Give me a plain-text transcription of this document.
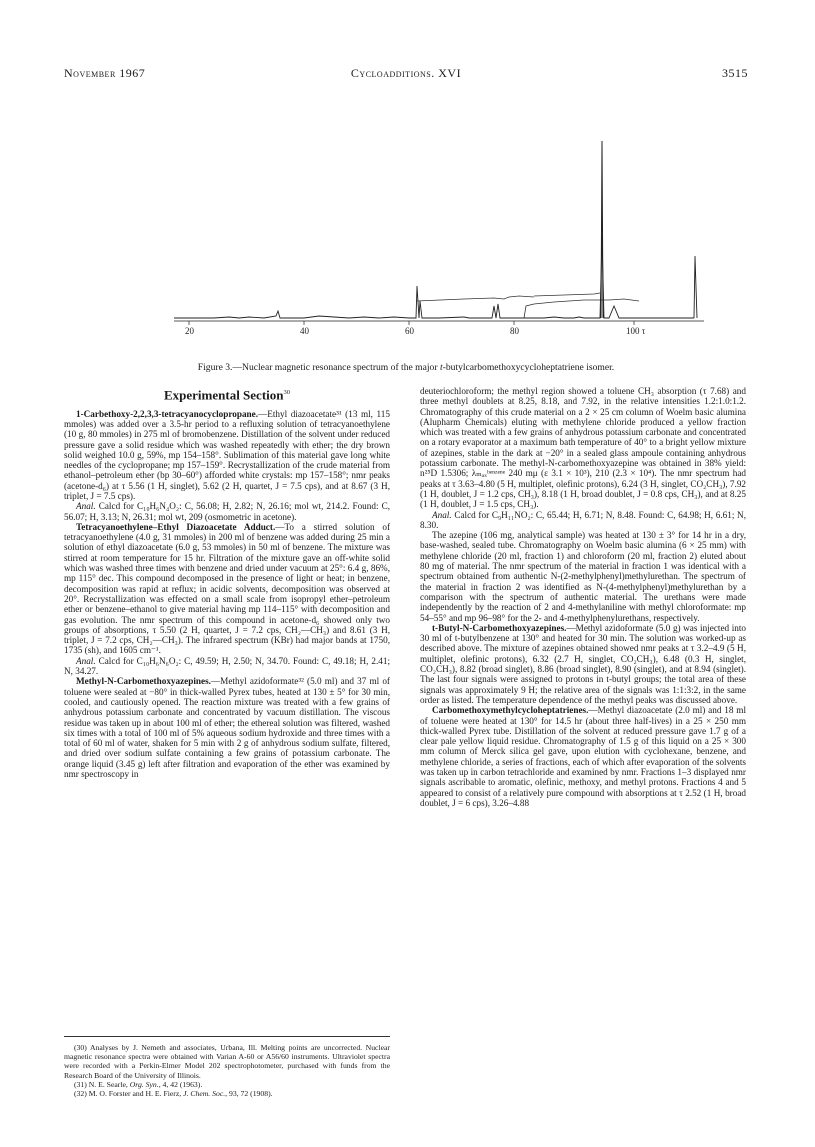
November 1967	Cycloadditions. XVI	3515
20	40	60	80	100 τ
Figure 3.—Nuclear magnetic resonance spectrum of the major t-butylcarbomethoxycycloheptatriene isomer.
Experimental Section$^{30}$

1-Carbethoxy-2,2,3,3-tetracyanocyclopropane.—Ethyl diazoacetate³¹ (13 ml, 115 mmoles) was added over a 3.5-hr period to a refluxing solution of tetracyanoethylene (10 g, 80 mmoles) in 275 ml of bromobenzene. Distillation of the solvent under reduced pressure gave a solid residue which was washed repeatedly with ether; the dry brown solid weighed 10.0 g, 59%, mp 154–158°. Sublimation of this material gave long white needles of the cyclopropane; mp 157–159°. Recrystallization of the crude material from ethanol–petroleum ether (bp 30–60°) afforded white crystals: mp 157–158°; nmr peaks (acetone-d₆) at τ 5.56 (1 H, singlet), 5.62 (2 H, quartet, J = 7.5 cps), and at 8.67 (3 H, triplet, J = 7.5 cps).

Anal. Calcd for C₁₀H₆N₄O₂: C, 56.08; H, 2.82; N, 26.16; mol wt, 214.2. Found: C, 56.07; H, 3.13; N, 26.31; mol wt, 209 (osmometric in acetone).

Tetracyanoethylene–Ethyl Diazoacetate Adduct.—To a stirred solution of tetracyanoethylene (4.0 g, 31 mmoles) in 200 ml of benzene was added during 25 min a solution of ethyl diazoacetate (6.0 g, 53 mmoles) in 50 ml of benzene. The mixture was stirred at room temperature for 15 hr. Filtration of the mixture gave an off-white solid which was washed three times with benzene and dried under vacuum at 25°: 6.4 g, 86%, mp 115° dec. This compound decomposed in the presence of light or heat; in benzene, decomposition was rapid at reflux; in acidic solvents, decomposition was observed at 20°. Recrystallization was effected on a small scale from isopropyl ether–petroleum ether or benzene–ethanol to give material having mp 114–115° with decomposition and gas evolution. The nmr spectrum of this compound in acetone-d₆ showed only two groups of absorptions, τ 5.50 (2 H, quartet, J = 7.2 cps, CH₂—CH₃) and 8.61 (3 H, triplet, J = 7.2 cps, CH₂—CH₃). The infrared spectrum (KBr) had major bands at 1750, 1735 (sh), and 1605 cm⁻¹.

Anal. Calcd for C₁₀H₆N₆O₂: C, 49.59; H, 2.50; N, 34.70. Found: C, 49.18; H, 2.41; N, 34.27.

Methyl-N-Carbomethoxyazepines.—Methyl azidoformate³² (5.0 ml) and 37 ml of toluene were sealed at −80° in thick-walled Pyrex tubes, heated at 130 ± 5° for 30 min, cooled, and cautiously opened. The reaction mixture was treated with a few grains of anhydrous potassium carbonate and concentrated by vacuum distillation. The viscous residue was taken up in about 100 ml of ether; the ethereal solution was filtered, washed six times with a total of 100 ml of 5% aqueous sodium hydroxide and three times with a total of 60 ml of water, shaken for 5 min with 2 g of anhydrous sodium sulfate, filtered, and dried over sodium sulfate containing a few grains of potassium carbonate. The orange liquid (3.45 g) left after filtration and evaporation of the ether was examined by nmr spectroscopy in

(30) Analyses by J. Nemeth and associates, Urbana, Ill. Melting points are uncorrected. Nuclear magnetic resonance spectra were obtained with Varian A-60 or A56/60 instruments. Ultraviolet spectra were recorded with a Perkin-Elmer Model 202 spectrophotometer, purchased with funds from the Research Board of the University of Illinois.

(31) N. E. Searle, Org. Syn., 4, 42 (1963).

(32) M. O. Forster and H. E. Fierz, J. Chem. Soc., 93, 72 (1908).

deuteriochloroform; the methyl region showed a toluene CH₃ absorption (τ 7.68) and three methyl doublets at 8.25, 8.18, and 7.92, in the relative intensities 1.2:1.0:1.2. Chromatography of this crude material on a 2 × 25 cm column of Woelm basic alumina (Alupharm Chemicals) eluting with methylene chloride produced a yellow fraction which was treated with a few grains of anhydrous potassium carbonate and concentrated on a rotary evaporator at a maximum bath temperature of 40° to a bright yellow mixture of azepines, stable in the dark at −20° in a sealed glass ampoule containing anhydrous potassium carbonate. The methyl-N-carbomethoxyazepine was obtained in 38% yield: n²⁵D 1.5306; λₘₐₓᵇᵉⁿᶻᵉⁿᵉ 240 mμ (ε 3.1 × 10³), 210 (2.3 × 10⁴). The nmr spectrum had peaks at τ 3.63–4.80 (5 H, multiplet, olefinic protons), 6.24 (3 H, singlet, CO₂CH₃), 7.92 (1 H, doublet, J = 1.2 cps, CH₃), 8.18 (1 H, broad doublet, J = 0.8 cps, CH₃), and at 8.25 (1 H, doublet, J = 1.5 cps, CH₃).

Anal. Calcd for C₉H₁₁NO₂: C, 65.44; H, 6.71; N, 8.48. Found: C, 64.98; H, 6.61; N, 8.30.

The azepine (106 mg, analytical sample) was heated at 130 ± 3° for 14 hr in a dry, base-washed, sealed tube. Chromatography on Woelm basic alumina (6 × 25 mm) with methylene chloride (20 ml, fraction 1) and chloroform (20 ml, fraction 2) eluted about 80 mg of material. The nmr spectrum of the material in fraction 1 was identical with a spectrum obtained from authentic N-(2-methylphenyl)methylurethan. The spectrum of the material in fraction 2 was identified as N-(4-methylphenyl)methylurethan by a comparison with the spectrum of authentic material. The urethans were made independently by the reaction of 2 and 4-methylaniline with methyl chloroformate: mp 54–55° and mp 96–98° for the 2- and 4-methylphenylurethans, respectively.

t-Butyl-N-Carbomethoxyazepines.—Methyl azidoformate (5.0 g) was injected into 30 ml of t-butylbenzene at 130° and heated for 30 min. The solution was worked-up as described above. The mixture of azepines obtained showed nmr peaks at τ 3.2–4.9 (5 H, multiplet, olefinic protons), 6.32 (2.7 H, singlet, CO₂CH₃), 6.48 (0.3 H, singlet, CO₂CH₃), 8.82 (broad singlet), 8.86 (broad singlet), 8.90 (singlet), and at 8.94 (singlet). The last four signals were assigned to protons in t-butyl groups; the total area of these signals was approximately 9 H; the relative area of the signals was 1:1:3:2, in the same order as listed. The temperature dependence of the methyl peaks was discussed above.

Carbomethoxymethylcycloheptatrienes.—Methyl diazoacetate (2.0 ml) and 18 ml of toluene were heated at 130° for 14.5 hr (about three half-lives) in a 25 × 250 mm thick-walled Pyrex tube. Distillation of the solvent at reduced pressure gave 1.7 g of a clear pale yellow liquid residue. Chromatography of 1.5 g of this liquid on a 25 × 300 mm column of Merck silica gel gave, upon elution with cyclohexane, benzene, and methylene chloride, a series of fractions, each of which after evaporation of the solvents was taken up in carbon tetrachloride and examined by nmr. Fractions 1–3 displayed nmr signals ascribable to aromatic, olefinic, methoxy, and methyl protons. Fractions 4 and 5 appeared to consist of a relatively pure compound with absorptions at τ 2.52 (1 H, broad doublet, J = 6 cps), 3.26–4.88
